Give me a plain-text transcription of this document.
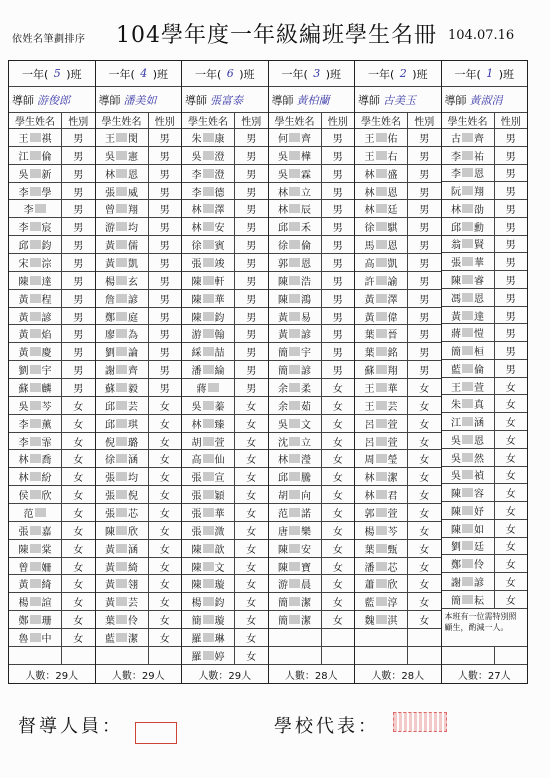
依姓名筆劃排序 104學年度一年級編班學生名冊 104.07.16
一年( 5 )班
導師 游俊郎
學生姓名	性別
王 祺	男
江 倫	男
吳 新	男
李 學	男
李	男
李 宸	男
邱 鈞	男
宋 淙	男
陳 達	男
黃 程	男
黃 諺	男
黃 焰	男
黃 慶	男
劉 宇	男
蘇 麟	男
吳 芩	女
李 薰	女
李 霏	女
林 喬	女
林 紛	女
侯 欣	女
范	女
張 嘉	女
陳 棠	女
曾 姍	女
黃 綺	女
楊 諠	女
鄭 珊	女
魯 中	女
人數：29人
一年( 4 )班
導師 潘美如
學生姓名	性別
王 閔	男
吳 憲	男
林 恩	男
張 威	男
曾 翔	男
游 均	男
黃 儒	男
黃 凱	男
楊 玄	男
詹 諺	男
鄭 庭	男
廖 為	男
劉 論	男
謝 齊	男
蘇 毅	男
邱 芸	女
邱 琪	女
倪 璐	女
徐 涵	女
張 均	女
張 倪	女
張 芯	女
陳 欣	女
黃 涵	女
黃 綺	女
黃 翎	女
黃 芸	女
葉 伶	女
藍 潔	女
人數：29人
一年( 6 )班
導師 張富泰
學生姓名	性別
朱 康	男
吳 澄	男
李 澄	男
李 德	男
林 澤	男
林 安	男
徐 賓	男
張 竣	男
陳 軒	男
陳 華	男
陳 鈞	男
游 翰	男
綵 喆	男
潘 綸	男
蔣	男
吳 蓁	女
林 臻	女
胡 萱	女
高 仙	女
張 宣	女
張 穎	女
張 華	女
張 溦	女
陳 歆	女
陳 文	女
陳 璇	女
楊 鈞	女
簡 璇	女
羅 琳	女
羅 婷	女
人數：29人
一年( 3 )班
導師 黃柏蘭
學生姓名	性別
何 齊	男
吳 樺	男
吳 霖	男
林 立	男
林 辰	男
邱 禾	男
徐 倫	男
郭 恩	男
陳 浩	男
陳 鴻	男
黃 易	男
黃 諺	男
簡 宇	男
簡 諺	男
余 柔	女
余 茹	女
吳 文	女
沈 立	女
林 瀅	女
邱 騰	女
胡 向	女
范 諾	女
唐 樂	女
陳 安	女
陳 寶	女
游 晨	女
簡 潔	女
簡 潔	女
人數：28人
一年( 2 )班
導師 古美玉
學生姓名	性別
王 佑	男
王 右	男
林 盛	男
林 恩	男
林 廷	男
徐 騏	男
馬 恩	男
高 凱	男
許 諭	男
黃 澤	男
黃 偉	男
葉 晉	男
葉 銘	男
蘇 翔	男
王 華	女
王 芸	女
呂 萱	女
呂 萱	女
周 瑩	女
林 潔	女
林 君	女
郭 萱	女
楊 芩	女
葉 甄	女
潘 芯	女
蕭 欣	女
藍 淳	女
魏 淇	女
人數：28人
一年( 1 )班
導師 黃淑涓
學生姓名	性別
古 齊	男
李 祐	男
李 恩	男
阮 翔	男
林 劭	男
邱 勳	男
翁 賢	男
張 華	男
陳 睿	男
馮 恩	男
黃 達	男
蔣 愷	男
簡 桓	男
藍 倫	男
王 萱	女
朱 真	女
江 涵	女
吳 恩	女
吳 然	女
吳 禎	女
陳 容	女
陳 妤	女
陳 如	女
劉 廷	女
鄭 伶	女
謝 諺	女
簡 耘	女
本班有一位需特別照顧生，酌減一人。
人數：27人
督導人員：	學校代表：
